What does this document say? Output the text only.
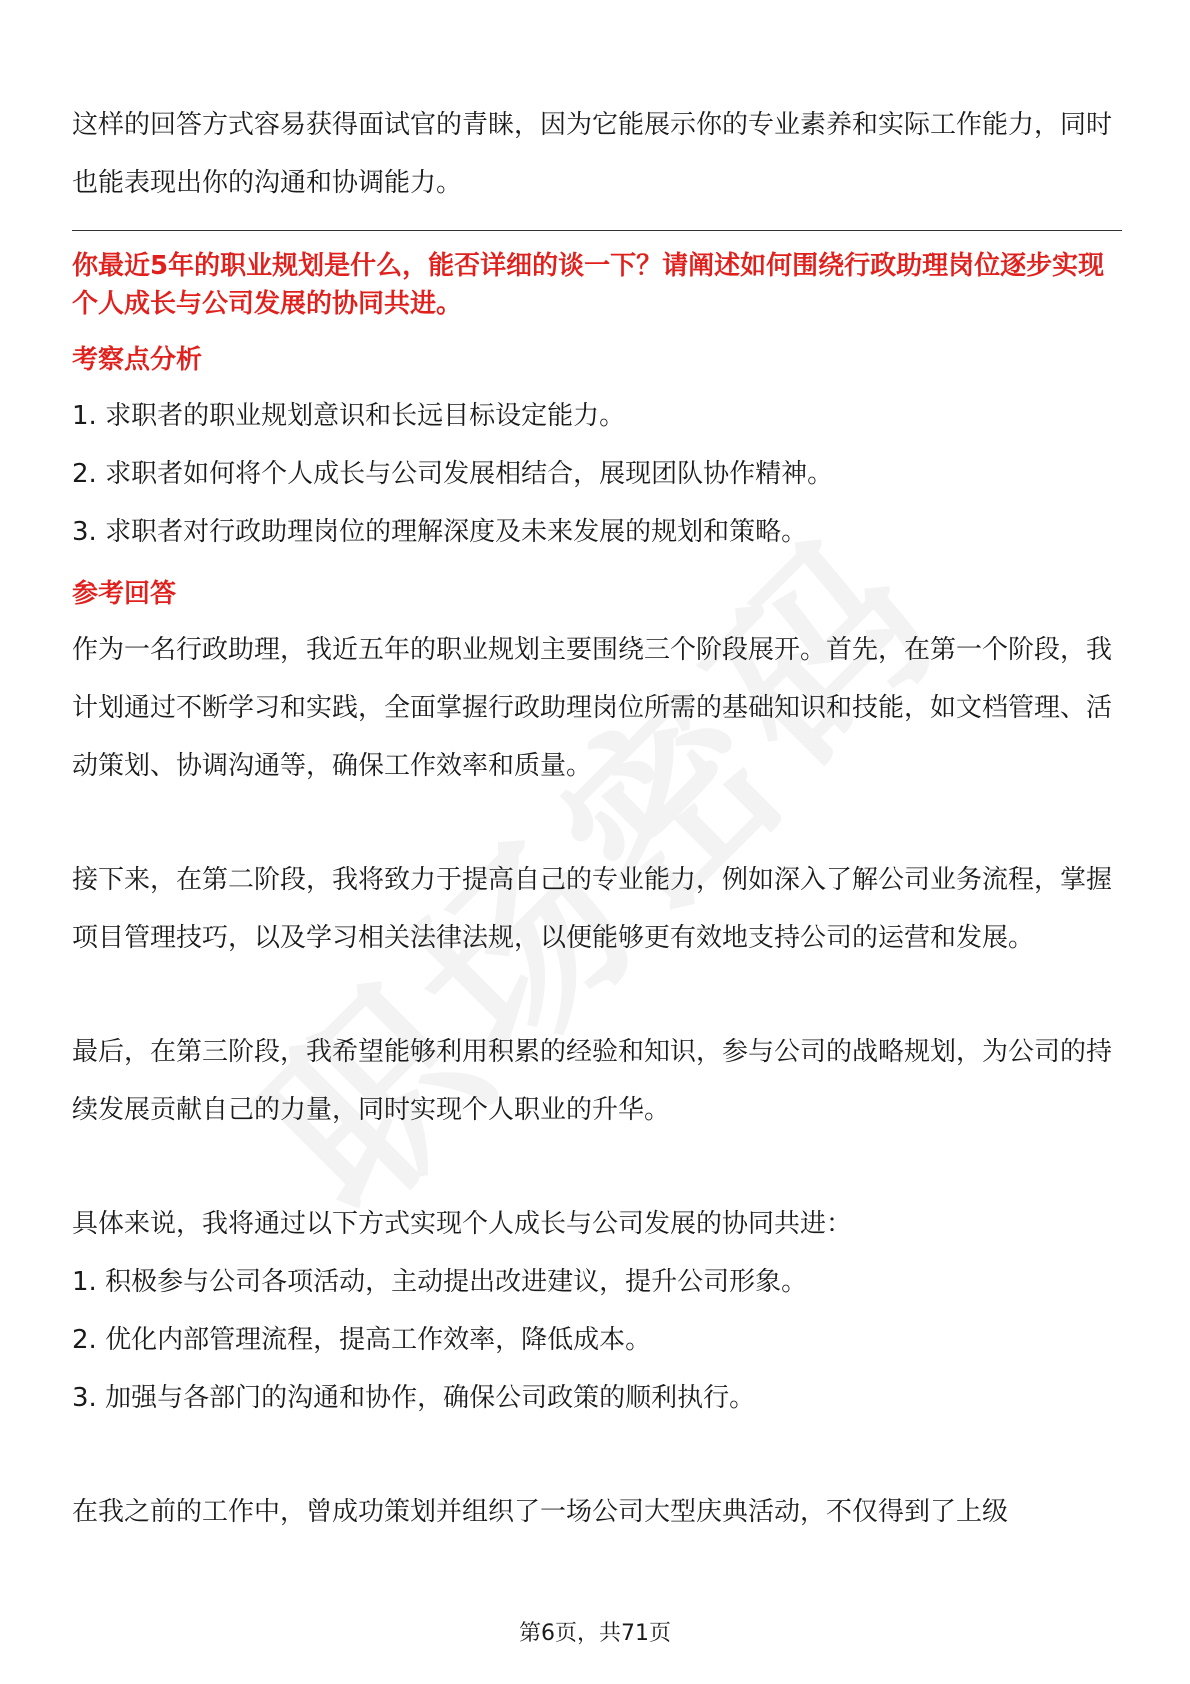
这样的回答方式容易获得面试官的青睐，因为它能展示你的专业素养和实际工作能力，同时也能表现出你的沟通和协调能力。

你最近5年的职业规划是什么，能否详细的谈一下？请阐述如何围绕行政助理岗位逐步实现个人成长与公司发展的协同共进。

考察点分析

1. 求职者的职业规划意识和长远目标设定能力。

2. 求职者如何将个人成长与公司发展相结合，展现团队协作精神。

3. 求职者对行政助理岗位的理解深度及未来发展的规划和策略。

参考回答

作为一名行政助理，我近五年的职业规划主要围绕三个阶段展开。首先，在第一个阶段，我计划通过不断学习和实践，全面掌握行政助理岗位所需的基础知识和技能，如文档管理、活动策划、协调沟通等，确保工作效率和质量。

接下来，在第二阶段，我将致力于提高自己的专业能力，例如深入了解公司业务流程，掌握项目管理技巧，以及学习相关法律法规，以便能够更有效地支持公司的运营和发展。

最后，在第三阶段，我希望能够利用积累的经验和知识，参与公司的战略规划，为公司的持续发展贡献自己的力量，同时实现个人职业的升华。

具体来说，我将通过以下方式实现个人成长与公司发展的协同共进：

1. 积极参与公司各项活动，主动提出改进建议，提升公司形象。

2. 优化内部管理流程，提高工作效率，降低成本。

3. 加强与各部门的沟通和协作，确保公司政策的顺利执行。

在我之前的工作中，曾成功策划并组织了一场公司大型庆典活动，不仅得到了上级

第6页，共71页
